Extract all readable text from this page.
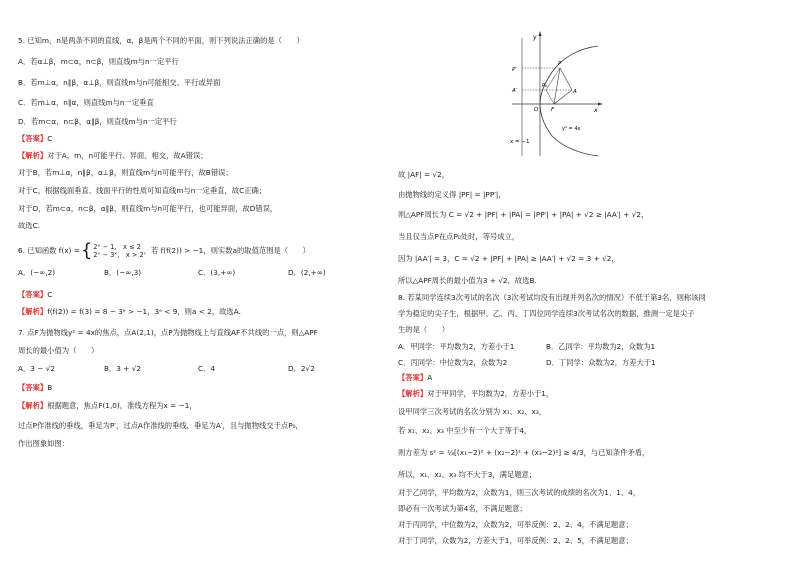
5. 已知m，n是两条不同的直线，α，β是两个不同的平面，则下列说法正确的是（　　）
A．若α⊥β，m⊂α，n⊂β，则直线m与n一定平行
B．若m⊥α，n∥β，α⊥β，则直线m与n可能相交、平行或异面
C．若m⊥α，n∥α，则直线m与n一定垂直
D．若m⊂α，n⊂β，α∥β，则直线m与n一定平行
【答案】C
【解析】对于A，m，n可能平行、异面、相交，故A错误；
对于B，若m⊥α，n∥β，α⊥β，则直线m与n可能平行，故B错误；
对于C，根据线面垂直、线面平行的性质可知直线m与n一定垂直，故C正确；
对于D，若m⊂α，n⊂β，α∥β，则直线m与n可能平行，也可能异面，故D错误，
故选C.
6. 已知函数 f(x) = { 2ˣ − 1,　x ≤ 2
2ˣ − 3ˣ,　x > 2 ，若 f(f(2)) > −1，则实数a的取值范围是（　　）
A．(−∞,2)	B．(−∞,3)	C．(3,+∞)	D．(2,+∞)
【答案】C
【解析】f(f(2)) = f(3) = 8 − 3ᵃ > −1，3ᵃ < 9，则a < 2，故选A.
7. 点F为抛物线y² = 4x的焦点，点A(2,1)，点P为抛物线上与直线AF不共线的一点，则△APF
周长的最小值为（　　）
A．3 − √2	B．3 + √2	C．4	D．2√2
【答案】B
【解析】根据题意，焦点F(1,0)，准线方程为x = −1，
过点P作准线的垂线，垂足为P′，过点A作准线的垂线，垂足为A′，且与抛物线交于点P₀，
作出图象如图：
y
x
O F
P
P′
A
A′
P₀
y² = 4x
x = −1
故 |AF| = √2，
由抛物线的定义得 |PF| = |PP′|，
则△APF周长为 C = √2 + |PF| + |PA| = |PP′| + |PA| + √2 ≥ |AA′| + √2，
当且仅当点P在点P₀处时，等号成立，
因为 |AA′| = 3，C = √2 + |PF| + |PA| ≥ |AA′| + √2 = 3 + √2，
所以△APF周长的最小值为3 + √2，故选B.
8. 若某同学连续3次考试的名次（3次考试均没有出现并列名次的情况）不低于第3名，则称该同
学为稳定的尖子生，根据甲、乙、丙、丁四位同学连续3次考试名次的数据，推测一定是尖子
生的是（　　）
A．甲同学：平均数为2，方差小于1	B．乙同学：平均数为2，众数为1
C．丙同学：中位数为2，众数为2	D．丁同学：众数为2，方差大于1
【答案】A
【解析】对于甲同学，平均数为2，方差小于1，
设甲同学三次考试的名次分别为 x₁、x₂、x₃，
若 x₁、x₂、x₃ 中至少有一个大于等于4，
则方差为 s² = ⅓[(x₁−2)² + (x₂−2)² + (x₃−2)²] ≥ 4/3，与已知条件矛盾，
所以，x₁、x₂、x₃ 均不大于3，满足题意；
对于乙同学，平均数为2，众数为1，则三次考试的成绩的名次为1、1、4，
即必有一次考试为第4名，不满足题意；
对于丙同学，中位数为2，众数为2，可举反例：2、2、4，不满足题意；
对于丁同学，众数为2，方差大于1，可举反例：2、2、5，不满足题意；
